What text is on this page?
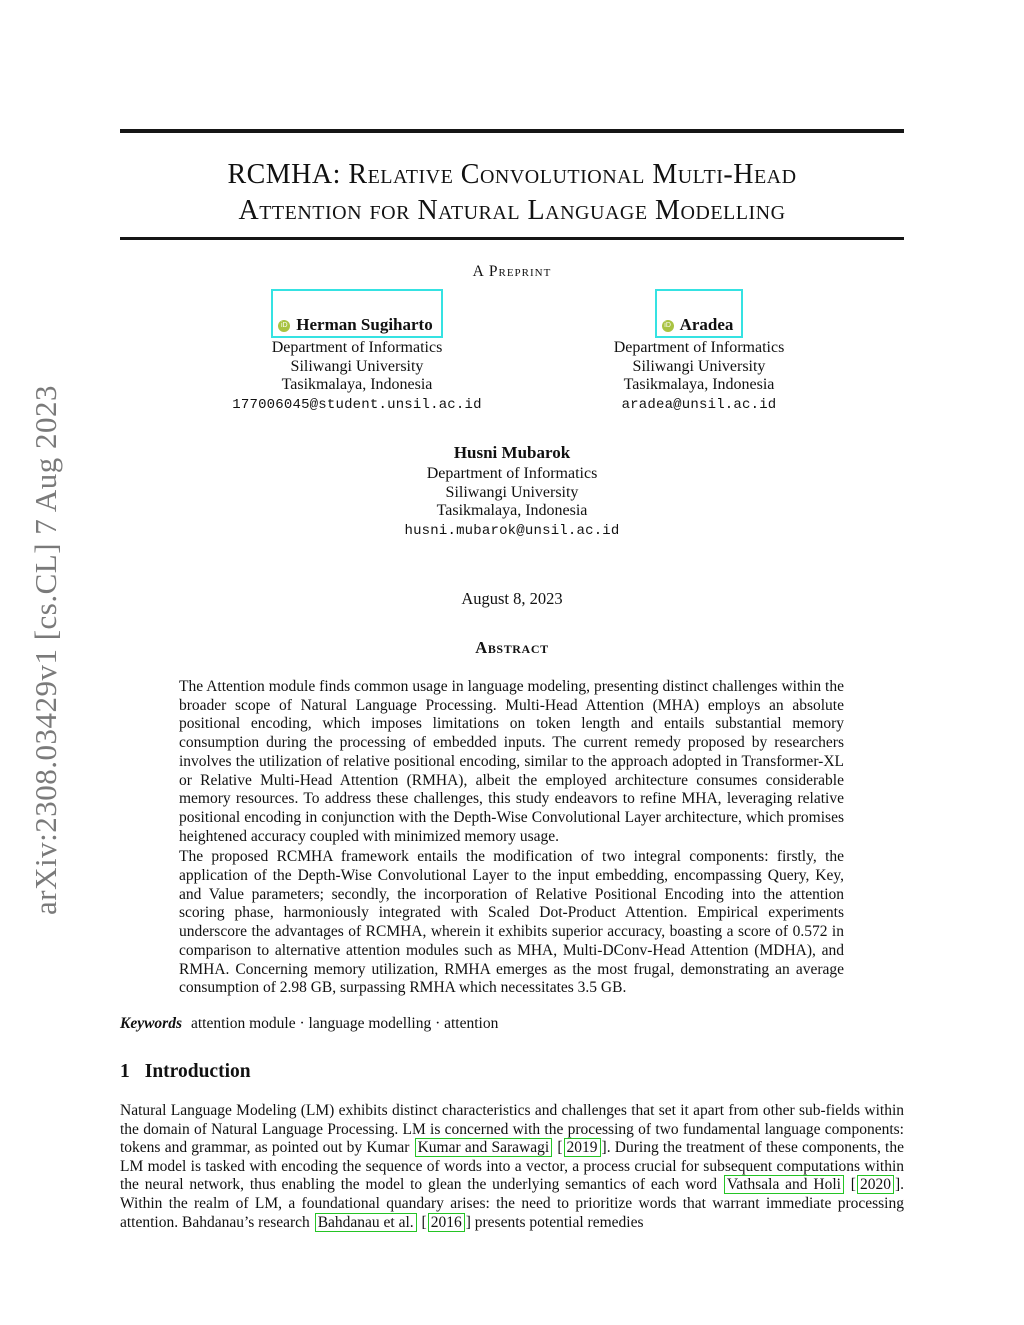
arXiv:2308.03429v1 [cs.CL] 7 Aug 2023
RCMHA: Relative Convolutional Multi-Head
Attention for Natural Language Modelling
A Preprint
iD Herman Sugiharto
Department of Informatics
Siliwangi University
Tasikmalaya, Indonesia
177006045@student.unsil.ac.id
iD Aradea
Department of Informatics
Siliwangi University
Tasikmalaya, Indonesia
aradea@unsil.ac.id
Husni Mubarok
Department of Informatics
Siliwangi University
Tasikmalaya, Indonesia
husni.mubarok@unsil.ac.id
August 8, 2023
Abstract

The Attention module finds common usage in language modeling, presenting distinct challenges within the broader scope of Natural Language Processing. Multi-Head Attention (MHA) employs an absolute positional encoding, which imposes limitations on token length and entails substantial memory consumption during the processing of embedded inputs. The current remedy proposed by researchers involves the utilization of relative positional encoding, similar to the approach adopted in Transformer-XL or Relative Multi-Head Attention (RMHA), albeit the employed architecture consumes considerable memory resources. To address these challenges, this study endeavors to refine MHA, leveraging relative positional encoding in conjunction with the Depth-Wise Convolutional Layer architecture, which promises heightened accuracy coupled with minimized memory usage.

The proposed RCMHA framework entails the modification of two integral components: firstly, the application of the Depth-Wise Convolutional Layer to the input embedding, encompassing Query, Key, and Value parameters; secondly, the incorporation of Relative Positional Encoding into the attention scoring phase, harmoniously integrated with Scaled Dot-Product Attention. Empirical experiments underscore the advantages of RCMHA, wherein it exhibits superior accuracy, boasting a score of 0.572 in comparison to alternative attention modules such as MHA, Multi-DConv-Head Attention (MDHA), and RMHA. Concerning memory utilization, RMHA emerges as the most frugal, demonstrating an average consumption of 2.98 GB, surpassing RMHA which necessitates 3.5 GB.

Keywords attention module · language modelling · attention
1 Introduction

Natural Language Modeling (LM) exhibits distinct characteristics and challenges that set it apart from other sub-fields within the domain of Natural Language Processing. LM is concerned with the processing of two fundamental language components: tokens and grammar, as pointed out by Kumar Kumar and Sarawagi [ 2019 ]. During the treatment of these components, the LM model is tasked with encoding the sequence of words into a vector, a process crucial for subsequent computations within the neural network, thus enabling the model to glean the underlying semantics of each word Vathsala and Holi [ 2020 ]. Within the realm of LM, a foundational quandary arises: the need to prioritize words that warrant immediate processing attention. Bahdanau’s research Bahdanau et al. [ 2016 ] presents potential remedies
